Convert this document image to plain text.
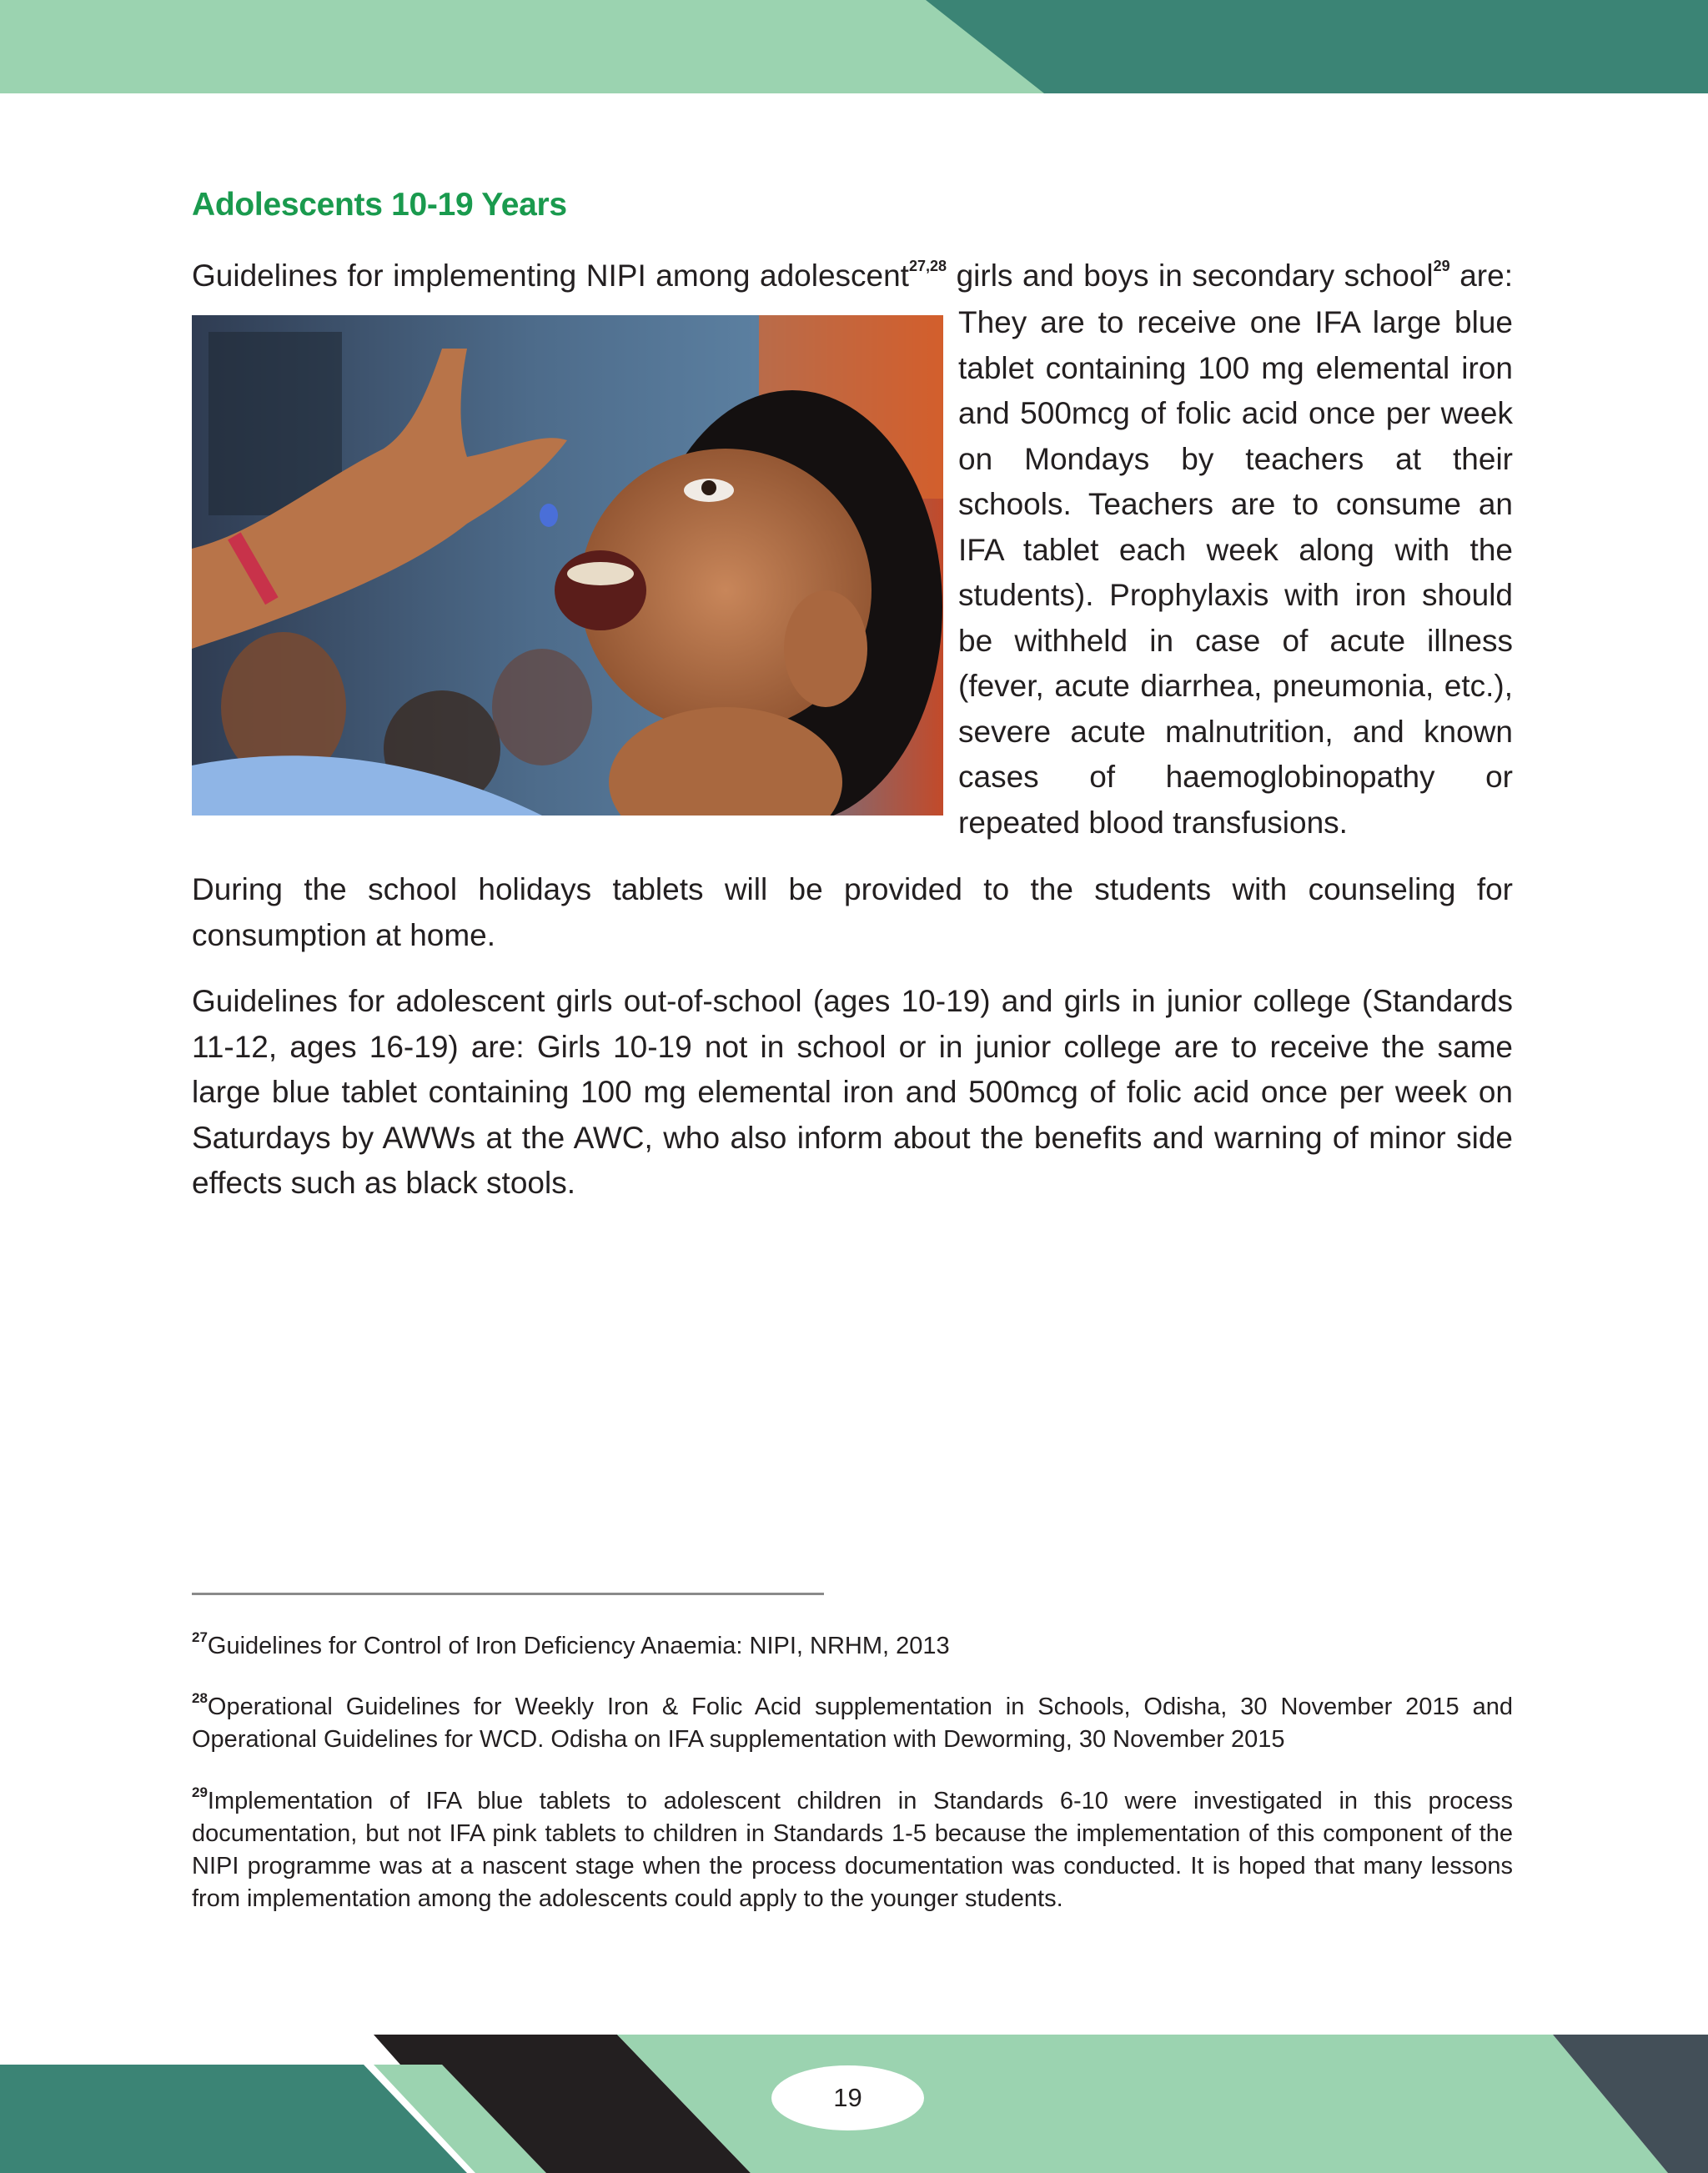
Adolescents 10-19 Years
Guidelines for implementing NIPI among adolescent$^{27,28}$ girls and boys in secondary school$^{29}$ are:
They are to receive one IFA large blue tablet containing 100 mg elemental iron and 500mcg of folic acid once per week on Mondays by teachers at their schools. Teachers are to consume an IFA tablet each week along with the students). Prophylaxis with iron should be withheld in case of acute illness (fever, acute diarrhea, pneumonia, etc.), severe acute malnutrition, and known cases of haemoglobinopathy or repeated blood transfusions.
During the school holidays tablets will be provided to the students with counseling for consumption at home.
Guidelines for adolescent girls out-of-school (ages 10-19) and girls in junior college (Standards 11-12, ages 16-19) are: Girls 10-19 not in school or in junior college are to receive the same large blue tablet containing 100 mg elemental iron and 500mcg of folic acid once per week on Saturdays by AWWs at the AWC, who also inform about the benefits and warning of minor side effects such as black stools.
$^{27}$Guidelines for Control of Iron Deficiency Anaemia: NIPI, NRHM, 2013
$^{28}$Operational Guidelines for Weekly Iron & Folic Acid supplementation in Schools, Odisha, 30 November 2015 and Operational Guidelines for WCD. Odisha on IFA supplementation with Deworming, 30 November 2015
$^{29}$Implementation of IFA blue tablets to adolescent children in Standards 6-10 were investigated in this process documentation, but not IFA pink tablets to children in Standards 1-5 because the implementation of this component of the NIPI programme was at a nascent stage when the process documentation was conducted. It is hoped that many lessons from implementation among the adolescents could apply to the younger students.
19
